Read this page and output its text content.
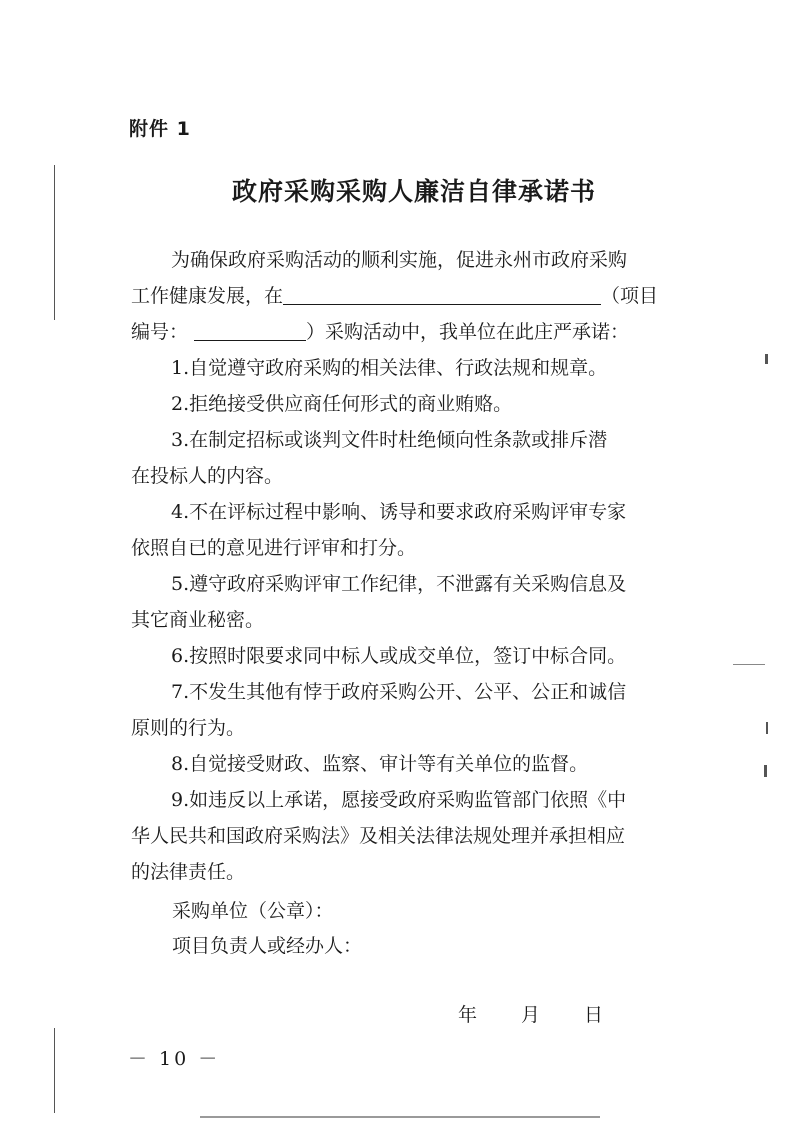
附件 1
政府采购采购人廉洁自律承诺书
为确保政府采购活动的顺利实施，促进永州市政府采购
工作健康发展，在	（项目
编号：	）采购活动中，我单位在此庄严承诺：
1.自觉遵守政府采购的相关法律、行政法规和规章。
2.拒绝接受供应商任何形式的商业贿赂。
3.在制定招标或谈判文件时杜绝倾向性条款或排斥潜
在投标人的内容。
4.不在评标过程中影响、诱导和要求政府采购评审专家
依照自已的意见进行评审和打分。
5.遵守政府采购评审工作纪律，不泄露有关采购信息及
其它商业秘密。
6.按照时限要求同中标人或成交单位，签订中标合同。
7.不发生其他有悖于政府采购公开、公平、公正和诚信
原则的行为。
8.自觉接受财政、监察、审计等有关单位的监督。
9.如违反以上承诺，愿接受政府采购监管部门依照《中
华人民共和国政府采购法》及相关法律法规处理并承担相应
的法律责任。
采购单位（公章）：
项目负责人或经办人：
年 月 日
－ 10 －
